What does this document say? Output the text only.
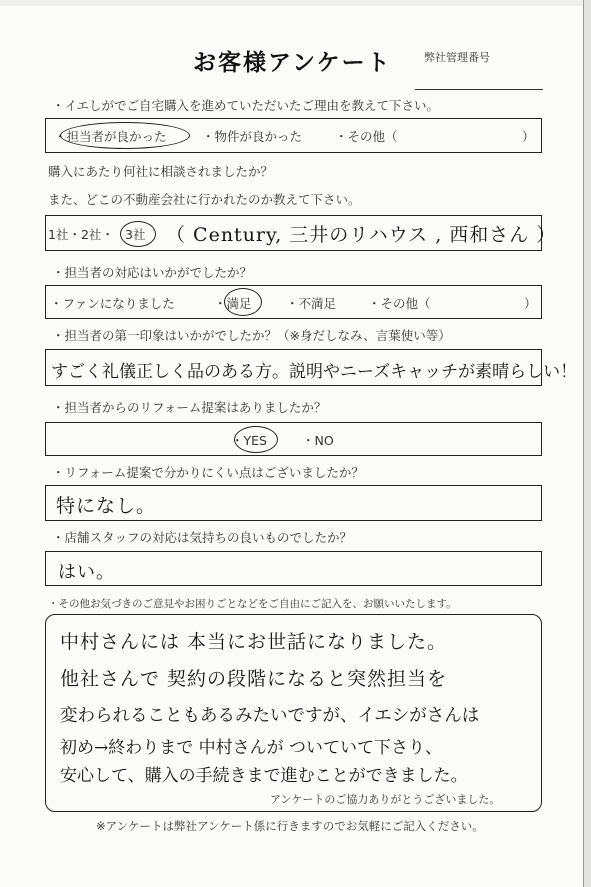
お客様アンケート	弊社管理番号
・イエしがでご自宅購入を進めていただいたご理由を教えて下さい。
・担当者が良かった	・物件が良かった	・その他（	）
購入にあたり何社に相談されましたか？
また、どこの不動産会社に行かれたのか教えて下さい。
1社・2社・ 3社 （ Century, 三井のリハウス , 西和さん ）
・担当者の対応はいかがでしたか？
・ファンになりました	・満足	・不満足	・その他（	）
・担当者の第一印象はいかがでしたか？（※身だしなみ、言葉使い等）
すごく礼儀正しく品のある方。説明やニーズキャッチが素晴らしい！
・担当者からのリフォーム提案はありましたか？
・YES	・NO
・リフォーム提案で分かりにくい点はございましたか？
特になし。
・店舗スタッフの対応は気持ちの良いものでしたか？
はい。
・その他お気づきのご意見やお困りごとなどをご自由にご記入を、お願いいたします。
中村さんには 本当にお世話になりました。
他社さんで 契約の段階になると突然担当を
変わられることもあるみたいですが、イエシがさんは
初め→終わりまで 中村さんが ついていて下さり、
安心して、購入の手続きまで進むことができました。
アンケートのご協力ありがとうございました。
※アンケートは弊社アンケート係に行きますのでお気軽にご記入ください。
